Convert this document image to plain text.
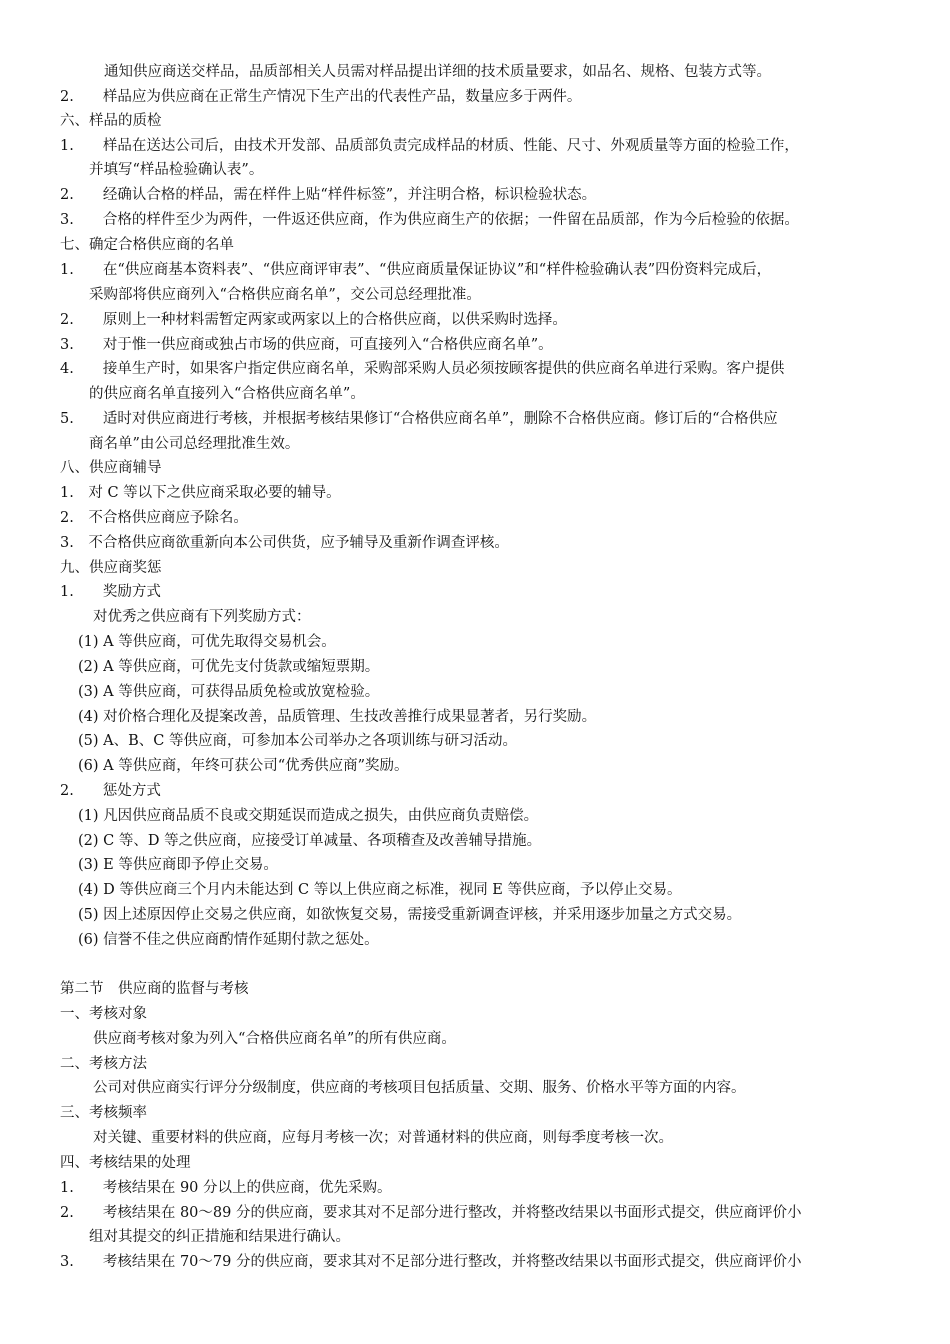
通知供应商送交样品，品质部相关人员需对样品提出详细的技术质量要求，如品名、规格、包装方式等。
2.　　样品应为供应商在正常生产情况下生产出的代表性产品，数量应多于两件。
六、样品的质检
1.　　样品在送达公司后，由技术开发部、品质部负责完成样品的材质、性能、尺寸、外观质量等方面的检验工作，
并填写“样品检验确认表”。
2.　　经确认合格的样品，需在样件上贴“样件标签”，并注明合格，标识检验状态。
3.　　合格的样件至少为两件，一件返还供应商，作为供应商生产的依据；一件留在品质部，作为今后检验的依据。
七、确定合格供应商的名单
1.　　在“供应商基本资料表”、“供应商评审表”、“供应商质量保证协议”和“样件检验确认表”四份资料完成后，
采购部将供应商列入“合格供应商名单”，交公司总经理批准。
2.　　原则上一种材料需暂定两家或两家以上的合格供应商，以供采购时选择。
3.　　对于惟一供应商或独占市场的供应商，可直接列入“合格供应商名单”。
4.　　接单生产时，如果客户指定供应商名单，采购部采购人员必须按顾客提供的供应商名单进行采购。客户提供
的供应商名单直接列入“合格供应商名单”。
5.　　适时对供应商进行考核，并根据考核结果修订“合格供应商名单”，删除不合格供应商。修订后的“合格供应
商名单”由公司总经理批准生效。
八、供应商辅导
1.　对 C 等以下之供应商采取必要的辅导。
2.　不合格供应商应予除名。
3.　不合格供应商欲重新向本公司供货，应予辅导及重新作调查评核。
九、供应商奖惩
1.　　奖励方式
对优秀之供应商有下列奖励方式：
(1) A 等供应商，可优先取得交易机会。
(2) A 等供应商，可优先支付货款或缩短票期。
(3) A 等供应商，可获得品质免检或放宽检验。
(4) 对价格合理化及提案改善，品质管理、生技改善推行成果显著者，另行奖励。
(5) A、B、C 等供应商，可参加本公司举办之各项训练与研习活动。
(6) A 等供应商，年终可获公司“优秀供应商”奖励。
2.　　惩处方式
(1) 凡因供应商品质不良或交期延误而造成之损失，由供应商负责赔偿。
(2) C 等、D 等之供应商，应接受订单减量、各项稽查及改善辅导措施。
(3) E 等供应商即予停止交易。
(4) D 等供应商三个月内未能达到 C 等以上供应商之标准，视同 E 等供应商，予以停止交易。
(5) 因上述原因停止交易之供应商，如欲恢复交易，需接受重新调查评核，并采用逐步加量之方式交易。
(6) 信誉不佳之供应商酌情作延期付款之惩处。
第二节　供应商的监督与考核
一、考核对象
供应商考核对象为列入“合格供应商名单”的所有供应商。
二、考核方法
公司对供应商实行评分分级制度，供应商的考核项目包括质量、交期、服务、价格水平等方面的内容。
三、考核频率
对关键、重要材料的供应商，应每月考核一次；对普通材料的供应商，则每季度考核一次。
四、考核结果的处理
1.　　考核结果在 90 分以上的供应商，优先采购。
2.　　考核结果在 80～89 分的供应商，要求其对不足部分进行整改，并将整改结果以书面形式提交，供应商评价小
组对其提交的纠正措施和结果进行确认。
3.　　考核结果在 70～79 分的供应商，要求其对不足部分进行整改，并将整改结果以书面形式提交，供应商评价小
